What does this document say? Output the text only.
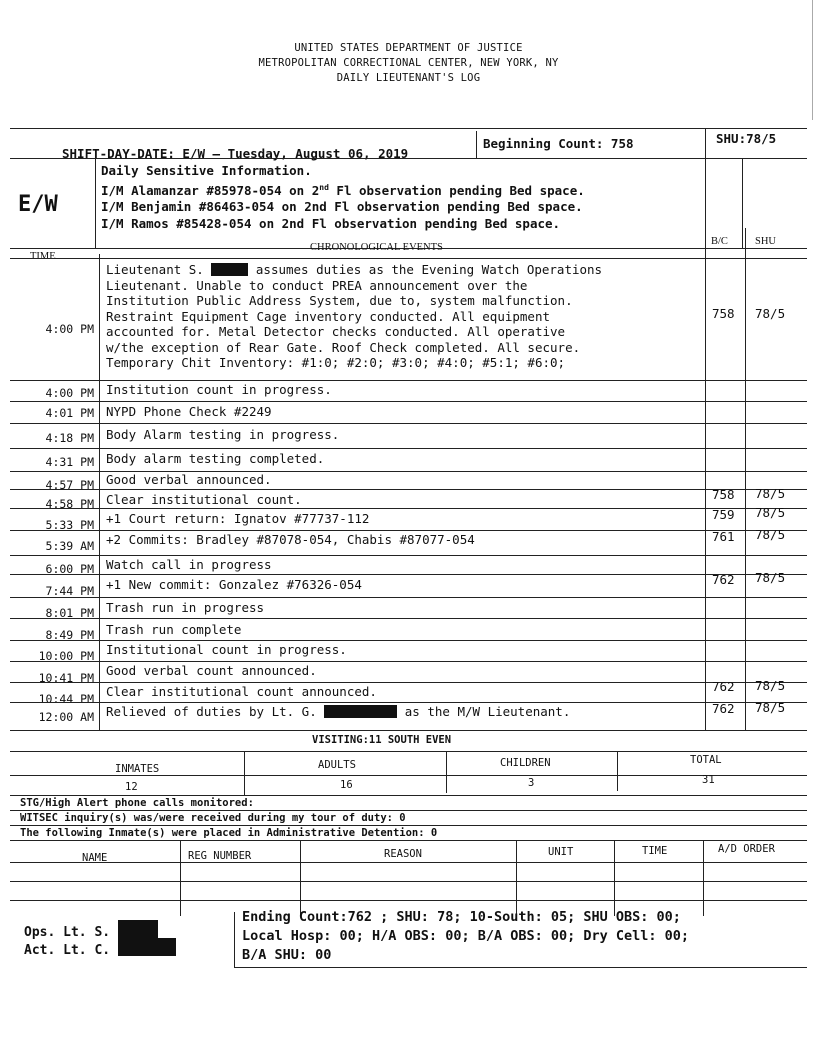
UNITED STATES DEPARTMENT OF JUSTICE
METROPOLITAN CORRECTIONAL CENTER, NEW YORK, NY
DAILY LIEUTENANT'S LOG
SHIFT-DAY-DATE: E/W – Tuesday, August 06, 2019
Beginning Count: 758	SHU:78/5
E/W
Daily Sensitive Information.
I/M Alamanzar #85978-054 on 2nd Fl observation pending Bed space.
I/M Benjamin #86463-054 on 2nd Fl observation pending Bed space.
I/M Ramos #85428-054 on 2nd Fl observation pending Bed space.
TIME
CHRONOLOGICAL EVENTS
B/C	SHU
4:00 PM
Lieutenant S.	assumes duties as the Evening Watch Operations
Lieutenant. Unable to conduct PREA announcement over the
Institution Public Address System, due to, system malfunction.
Restraint Equipment Cage inventory conducted. All equipment
accounted for. Metal Detector checks conducted. All operative
w/the exception of Rear Gate. Roof Check completed. All secure.
Temporary Chit Inventory: #1:0; #2:0; #3:0; #4:0; #5:1; #6:0;
758 78/5
4:00 PM Institution count in progress.
4:01 PM NYPD Phone Check #2249
4:18 PM Body Alarm testing in progress.
4:31 PM Body alarm testing completed.
4:57 PM Good verbal announced.
4:58 PM Clear institutional count.	758 78/5
5:33 PM +1 Court return: Ignatov #77737-112	759 78/5
5:39 AM +2 Commits: Bradley #87078-054, Chabis #87077-054	761 78/5
6:00 PM Watch call in progress
7:44 PM +1 New commit: Gonzalez #76326-054	762 78/5
8:01 PM Trash run in progress
8:49 PM Trash run complete
10:00 PM Institutional count in progress.
10:41 PM Good verbal count announced.
10:44 PM Clear institutional count announced.	762 78/5
12:00 AM Relieved of duties by Lt. G.	as the M/W Lieutenant.	762 78/5
VISITING:11 SOUTH EVEN
INMATES	ADULTS	CHILDREN	TOTAL
12	16	3	31
STG/High Alert phone calls monitored:
WITSEC inquiry(s) was/were received during my tour of duty: 0
The following Inmate(s) were placed in Administrative Detention: 0
NAME	REG NUMBER	REASON	UNIT	TIME	A/D ORDER
Ops. Lt. S.
Act. Lt. C.
Ending Count:762 ; SHU: 78; 10-South: 05; SHU OBS: 00;
Local Hosp: 00; H/A OBS: 00; B/A OBS: 00; Dry Cell: 00;
B/A SHU: 00
